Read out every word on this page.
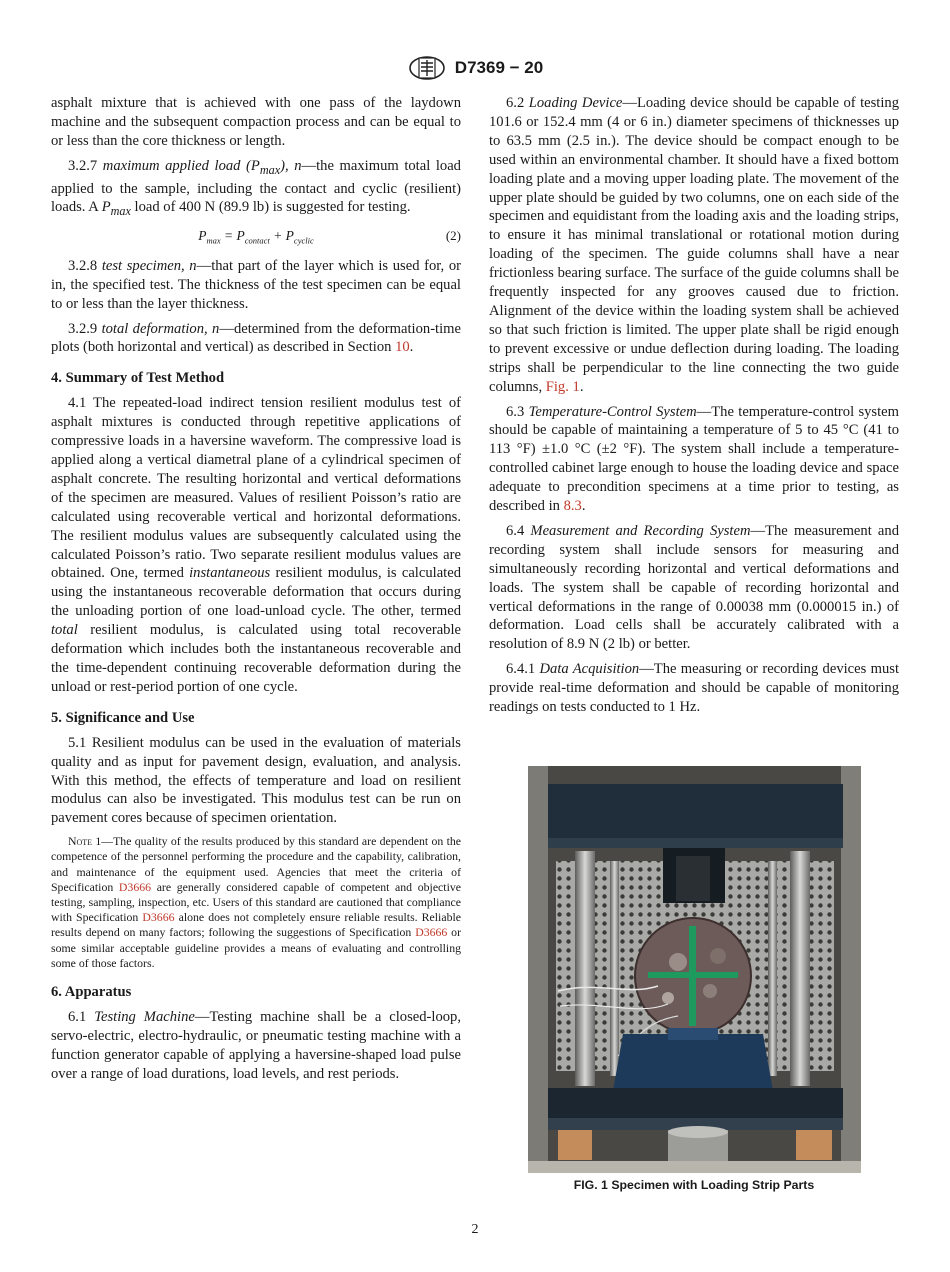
D7369 − 20

asphalt mixture that is achieved with one pass of the laydown machine and the subsequent compaction process and can be equal to or less than the core thickness or length.

3.2.7 maximum applied load $(P_{max})$, n—the maximum total load applied to the sample, including the contact and cyclic (resilient) loads. A $P_{max}$ load of 400 N (89.9 lb) is suggested for testing.

$P_{max} = P_{contact} + P_{cyclic}$	(2)

3.2.8 test specimen, n—that part of the layer which is used for, or in, the specified test. The thickness of the test specimen can be equal to or less than the layer thickness.

3.2.9 total deformation, n—determined from the deformation-time plots (both horizontal and vertical) as described in Section 10.

4. Summary of Test Method

4.1 The repeated-load indirect tension resilient modulus test of asphalt mixtures is conducted through repetitive applications of compressive loads in a haversine waveform. The compressive load is applied along a vertical diametral plane of a cylindrical specimen of asphalt concrete. The resulting horizontal and vertical deformations of the specimen are measured. Values of resilient Poisson’s ratio are calculated using recoverable vertical and horizontal deformations. The resilient modulus values are subsequently calculated using the calculated Poisson’s ratio. Two separate resilient modulus values are obtained. One, termed instantaneous resilient modulus, is calculated using the instantaneous recoverable deformation that occurs during the unloading portion of one load-unload cycle. The other, termed total resilient modulus, is calculated using total recoverable deformation which includes both the instantaneous recoverable and the time-dependent continuing recoverable deformation during the unload or rest-period portion of one cycle.

5. Significance and Use

5.1 Resilient modulus can be used in the evaluation of materials quality and as input for pavement design, evaluation, and analysis. With this method, the effects of temperature and load on resilient modulus can also be investigated. This modulus test can be run on pavement cores because of specimen orientation.

Note 1—The quality of the results produced by this standard are dependent on the competence of the personnel performing the procedure and the capability, calibration, and maintenance of the equipment used. Agencies that meet the criteria of Specification D3666 are generally considered capable of competent and objective testing, sampling, inspection, etc. Users of this standard are cautioned that compliance with Specification D3666 alone does not completely ensure reliable results. Reliable results depend on many factors; following the suggestions of Specification D3666 or some similar acceptable guideline provides a means of evaluating and controlling some of those factors.
6. Apparatus

6.1 Testing Machine—Testing machine shall be a closed-loop, servo-electric, electro-hydraulic, or pneumatic testing machine with a function generator capable of applying a haversine-shaped load pulse over a range of load durations, load levels, and rest periods.

6.2 Loading Device—Loading device should be capable of testing 101.6 or 152.4 mm (4 or 6 in.) diameter specimens of thicknesses up to 63.5 mm (2.5 in.). The device should be compact enough to be used within an environmental chamber. It should have a fixed bottom loading plate and a moving upper loading plate. The movement of the upper plate should be guided by two columns, one on each side of the specimen and equidistant from the loading axis and the loading strips, to ensure it has minimal translational or rotational motion during loading of the specimen. The guide columns shall have a near frictionless bearing surface. The surface of the guide columns shall be frequently inspected for any grooves caused due to friction. Alignment of the device within the loading system shall be achieved so that such friction is limited. The upper plate shall be rigid enough to prevent excessive or undue deflection during loading. The loading strips shall be perpendicular to the line connecting the two guide columns, Fig. 1.

6.3 Temperature-Control System—The temperature-control system should be capable of maintaining a temperature of 5 to 45 °C (41 to 113 °F) ±1.0 °C (±2 °F). The system shall include a temperature-controlled cabinet large enough to house the loading device and space adequate to precondition specimens at a time prior to testing, as described in 8.3.

6.4 Measurement and Recording System—The measurement and recording system shall include sensors for measuring and simultaneously recording horizontal and vertical deformations and loads. The system shall be capable of recording horizontal and vertical deformations in the range of 0.00038 mm (0.000015 in.) of deformation. Load cells shall be accurately calibrated with a resolution of 8.9 N (2 lb) or better.

6.4.1 Data Acquisition—The measuring or recording devices must provide real-time deformation and should be capable of monitoring readings on tests conducted to 1 Hz.

FIG. 1 Specimen with Loading Strip Parts
2
